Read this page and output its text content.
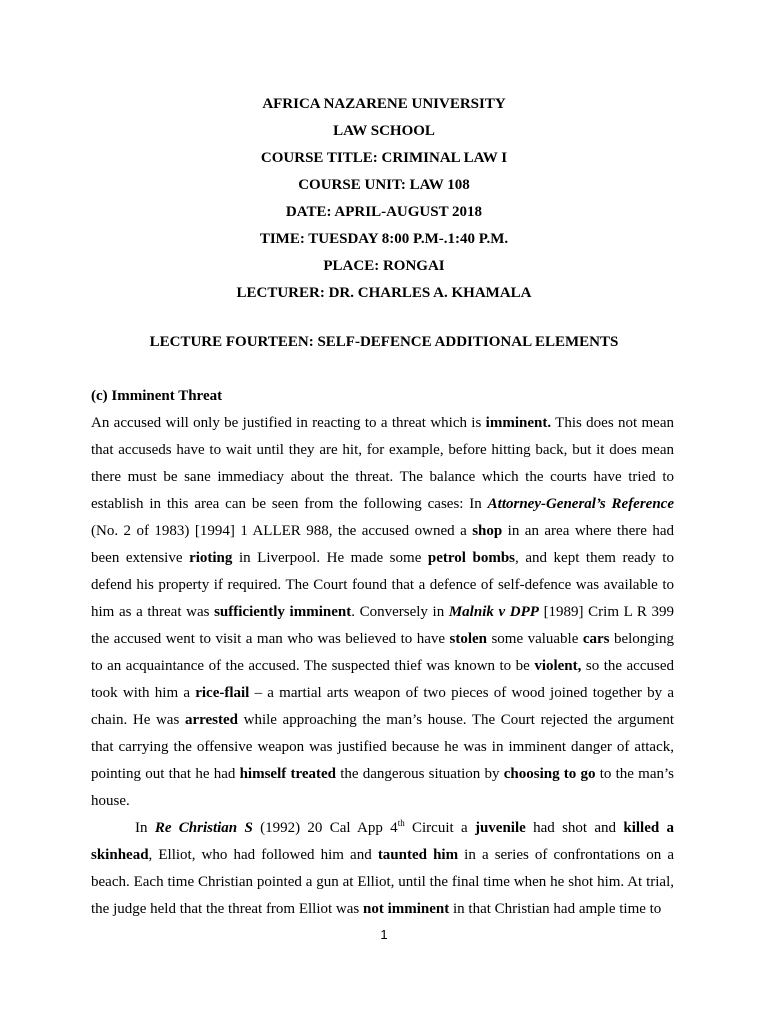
AFRICA NAZARENE UNIVERSITY
LAW SCHOOL
COURSE TITLE: CRIMINAL LAW I
COURSE UNIT: LAW 108
DATE: APRIL-AUGUST 2018
TIME: TUESDAY 8:00 P.M-.1:40 P.M.
PLACE: RONGAI
LECTURER: DR. CHARLES A. KHAMALA
LECTURE FOURTEEN: SELF-DEFENCE ADDITIONAL ELEMENTS
(c) Imminent Threat

An accused will only be justified in reacting to a threat which is imminent. This does not mean that accuseds have to wait until they are hit, for example, before hitting back, but it does mean there must be sane immediacy about the threat. The balance which the courts have tried to establish in this area can be seen from the following cases: In Attorney-General’s Reference (No. 2 of 1983) [1994] 1 ALLER 988, the accused owned a shop in an area where there had been extensive rioting in Liverpool. He made some petrol bombs, and kept them ready to defend his property if required. The Court found that a defence of self-defence was available to him as a threat was sufficiently imminent. Conversely in Malnik v DPP [1989] Crim L R 399 the accused went to visit a man who was believed to have stolen some valuable cars belonging to an acquaintance of the accused. The suspected thief was known to be violent, so the accused took with him a rice-flail – a martial arts weapon of two pieces of wood joined together by a chain. He was arrested while approaching the man’s house. The Court rejected the argument that carrying the offensive weapon was justified because he was in imminent danger of attack, pointing out that he had himself treated the dangerous situation by choosing to go to the man’s house.

In Re Christian S (1992) 20 Cal App 4th Circuit a juvenile had shot and killed a skinhead, Elliot, who had followed him and taunted him in a series of confrontations on a beach. Each time Christian pointed a gun at Elliot, until the final time when he shot him. At trial, the judge held that the threat from Elliot was not imminent in that Christian had ample time to

1
